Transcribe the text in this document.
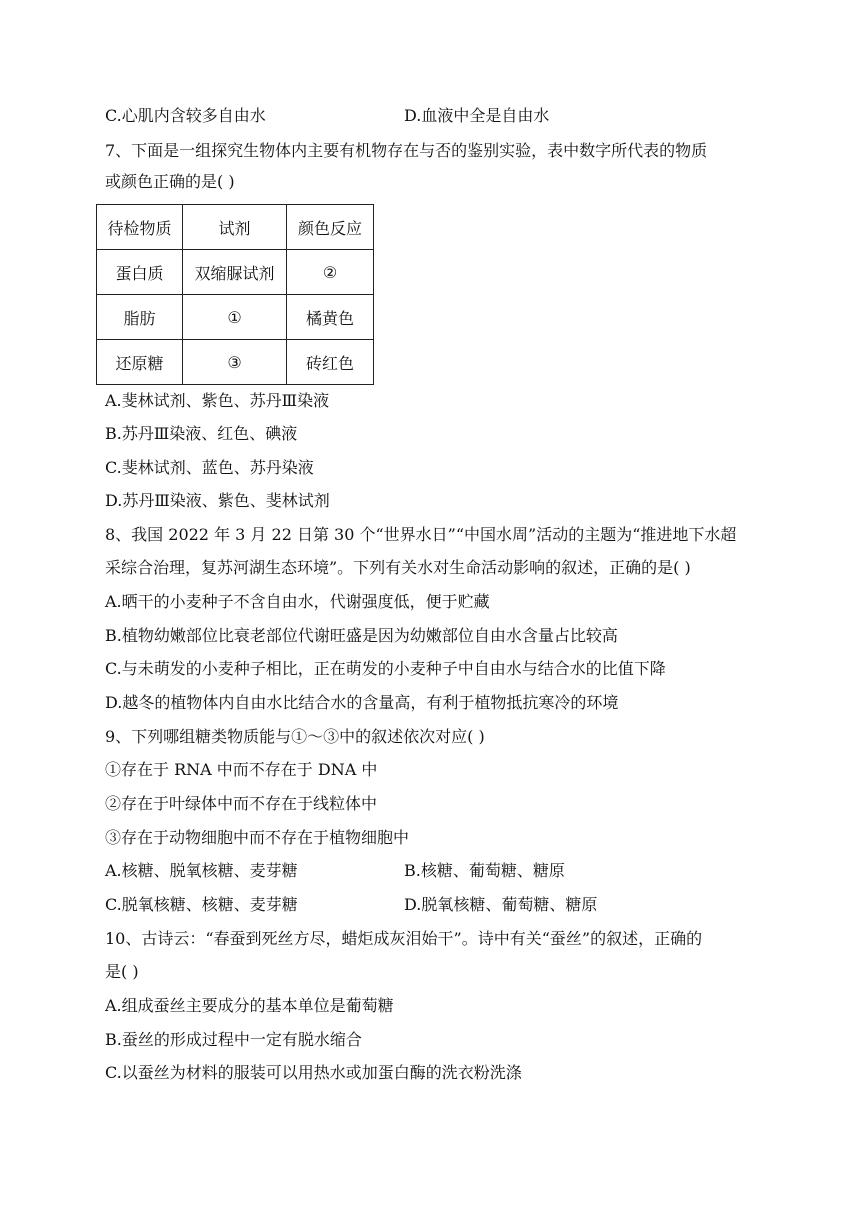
C.心肌内含较多自由水	D.血液中全是自由水
7、下面是一组探究生物体内主要有机物存在与否的鉴别实验，表中数字所代表的物质
或颜色正确的是( )
待检物质	试剂	颜色反应
蛋白质	双缩脲试剂	②
脂肪	①	橘黄色
还原糖	③	砖红色
A.斐林试剂、紫色、苏丹Ⅲ染液
B.苏丹Ⅲ染液、红色、碘液
C.斐林试剂、蓝色、苏丹染液
D.苏丹Ⅲ染液、紫色、斐林试剂
8、我国 2022 年 3 月 22 日第 30 个“世界水日”“中国水周”活动的主题为“推进地下水超
采综合治理，复苏河湖生态环境”。下列有关水对生命活动影响的叙述，正确的是( )
A.晒干的小麦种子不含自由水，代谢强度低，便于贮藏
B.植物幼嫩部位比衰老部位代谢旺盛是因为幼嫩部位自由水含量占比较高
C.与未萌发的小麦种子相比，正在萌发的小麦种子中自由水与结合水的比值下降
D.越冬的植物体内自由水比结合水的含量高，有利于植物抵抗寒冷的环境
9、下列哪组糖类物质能与①～③中的叙述依次对应( )
①存在于 RNA 中而不存在于 DNA 中
②存在于叶绿体中而不存在于线粒体中
③存在于动物细胞中而不存在于植物细胞中
A.核糖、脱氧核糖、麦芽糖	B.核糖、葡萄糖、糖原
C.脱氧核糖、核糖、麦芽糖	D.脱氧核糖、葡萄糖、糖原
10、古诗云：“春蚕到死丝方尽，蜡炬成灰泪始干”。诗中有关“蚕丝”的叙述，正确的
是( )
A.组成蚕丝主要成分的基本单位是葡萄糖
B.蚕丝的形成过程中一定有脱水缩合
C.以蚕丝为材料的服装可以用热水或加蛋白酶的洗衣粉洗涤
